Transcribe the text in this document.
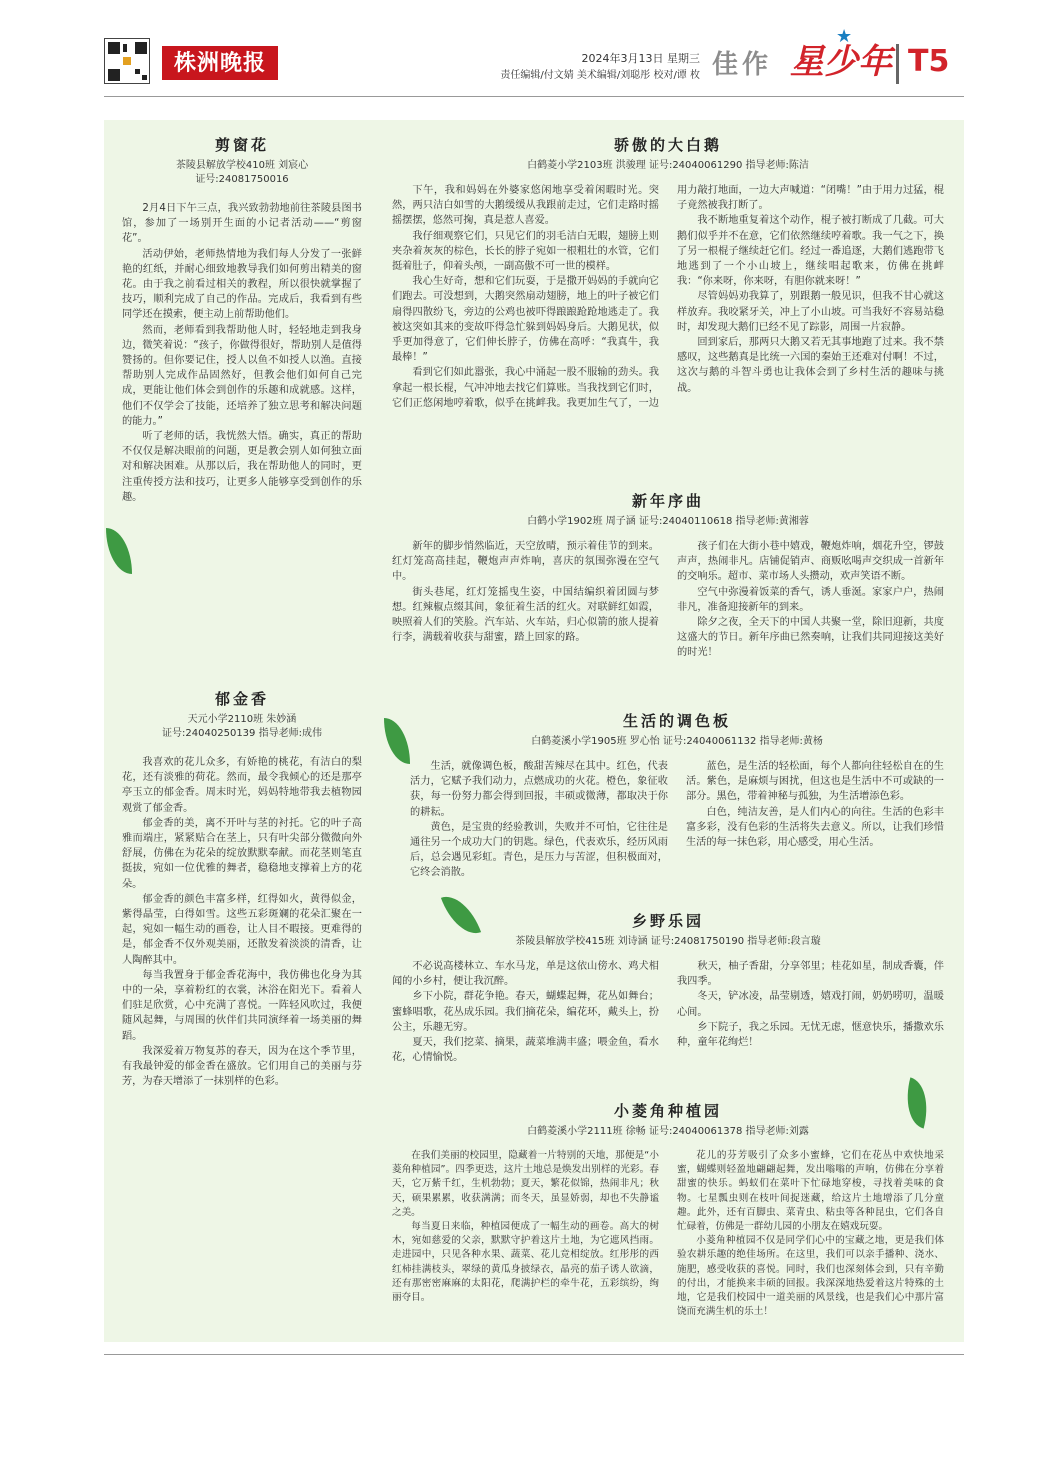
株洲晚报	2024年3月13日 星期三
责任编辑/付文婧 美术编辑/刘聪彤 校对/谭 枚 佳作
★
星少年 T5
剪窗花
茶陵县解放学校410班 刘宸心
证号:24081750016

2月4日下午三点，我兴致勃勃地前往茶陵县图书馆，参加了一场别开生面的小记者活动——“剪窗花”。

活动伊始，老师热情地为我们每人分发了一张鲜艳的红纸，并耐心细致地教导我们如何剪出精美的窗花。由于我之前看过相关的教程，所以很快就掌握了技巧，顺利完成了自己的作品。完成后，我看到有些同学还在摸索，便主动上前帮助他们。

然而，老师看到我帮助他人时，轻轻地走到我身边，微笑着说：“孩子，你做得很好，帮助别人是值得赞扬的。但你要记住，授人以鱼不如授人以渔。直接帮助别人完成作品固然好，但教会他们如何自己完成，更能让他们体会到创作的乐趣和成就感。这样，他们不仅学会了技能，还培养了独立思考和解决问题的能力。”

听了老师的话，我恍然大悟。确实，真正的帮助不仅仅是解决眼前的问题，更是教会别人如何独立面对和解决困难。从那以后，我在帮助他人的同时，更注重传授方法和技巧，让更多人能够享受到创作的乐趣。

郁金香
天元小学2110班 朱妙涵
证号:24040250139 指导老师:成伟

我喜欢的花儿众多，有娇艳的桃花，有洁白的梨花，还有淡雅的荷花。然而，最令我倾心的还是那亭亭玉立的郁金香。周末时光，妈妈特地带我去植物园观赏了郁金香。

郁金香的美，离不开叶与茎的衬托。它的叶子高雅而端庄，紧紧贴合在茎上，只有叶尖部分微微向外舒展，仿佛在为花朵的绽放默默奉献。而花茎则笔直挺拔，宛如一位优雅的舞者，稳稳地支撑着上方的花朵。

郁金香的颜色丰富多样，红得如火，黄得似金，紫得晶莹，白得如雪。这些五彩斑斓的花朵汇聚在一起，宛如一幅生动的画卷，让人目不暇接。更难得的是，郁金香不仅外观美丽，还散发着淡淡的清香，让人陶醉其中。

每当我置身于郁金香花海中，我仿佛也化身为其中的一朵，享着粉红的衣裳，沐浴在阳光下。看着人们驻足欣赏，心中充满了喜悦。一阵轻风吹过，我便随风起舞，与周围的伙伴们共同演绎着一场美丽的舞蹈。

我深爱着万物复苏的春天，因为在这个季节里，有我最钟爱的郁金香在盛放。它们用自己的美丽与芬芳，为春天增添了一抹别样的色彩。

骄傲的大白鹅
白鹤菱小学2103班 洪骏理 证号:24040061290 指导老师:陈洁

下午，我和妈妈在外婆家悠闲地享受着闲暇时光。突然，两只洁白如雪的大鹅缓缓从我跟前走过，它们走路时摇摇摆摆，悠然可掬，真是惹人喜爱。

我仔细观察它们，只见它们的羽毛洁白无暇，翅膀上则夹杂着灰灰的棕色，长长的脖子宛如一根粗壮的水管，它们挺着肚子，仰着头颅，一副高傲不可一世的模样。

我心生好奇，想和它们玩耍，于是撒开妈妈的手就向它们跑去。可没想到，大鹅突然扇动翅膀，地上的叶子被它们扇得四散纷飞，旁边的公鸡也被吓得踉踉跄跄地逃走了。我被这突如其来的变故吓得急忙躲到妈妈身后。大鹅见状，似乎更加得意了，它们伸长脖子，仿佛在高呼：“我真牛，我最棒！”

看到它们如此嚣张，我心中涌起一股不服输的劲头。我拿起一根长棍，气冲冲地去找它们算账。当我找到它们时，它们正悠闲地哼着歌，似乎在挑衅我。我更加生气了，一边用力敲打地面，一边大声喊道：“闭嘴！”由于用力过猛，棍子竟然被我打断了。

我不断地重复着这个动作，棍子被打断成了几截。可大鹅们似乎并不在意，它们依然继续哼着歌。我一气之下，换了另一根棍子继续赶它们。经过一番追逐，大鹅们逃跑带飞地逃到了一个小山坡上，继续唱起歌来，仿佛在挑衅我：“你来呀，你来呀，有胆你就来呀！”

尽管妈妈劝我算了，别跟鹅一般见识，但我不甘心就这样放弃。我咬紧牙关，冲上了小山坡。可当我好不容易站稳时，却发现大鹅们已经不见了踪影，周围一片寂静。

回到家后，那两只大鹅又若无其事地跑了过来。我不禁感叹，这些鹅真是比统一六国的秦始王还难对付啊！不过，这次与鹅的斗智斗勇也让我体会到了乡村生活的趣味与挑战。

新年序曲
白鹤小学1902班 周子涵 证号:24040110618 指导老师:黄湘蓉

新年的脚步悄然临近，天空放晴，预示着佳节的到来。红灯笼高高挂起，鞭炮声声炸响，喜庆的氛围弥漫在空气中。

街头巷尾，红灯笼摇曳生姿，中国结编织着团圆与梦想。红辣椒点缀其间，象征着生活的红火。对联鲜红如霞，映照着人们的笑脸。汽车站、火车站，归心似箭的旅人提着行李，满载着收获与甜蜜，踏上回家的路。

孩子们在大街小巷中嬉戏，鞭炮炸响，烟花升空，锣鼓声声，热闹非凡。店铺促销声、商贩吆喝声交织成一首新年的交响乐。超市、菜市场人头攒动，欢声笑语不断。

空气中弥漫着饭菜的香气，诱人垂涎。家家户户，热闹非凡，准备迎接新年的到来。

除夕之夜，全天下的中国人共聚一堂，除旧迎新，共度这盛大的节日。新年序曲已然奏响，让我们共同迎接这美好的时光！

生活的调色板
白鹤菱溪小学1905班 罗心怡 证号:24040061132 指导老师:黄杨

生活，就像调色板，酸甜苦辣尽在其中。红色，代表活力，它赋予我们动力，点燃成功的火花。橙色，象征收获，每一份努力都会得到回报，丰硕或微薄，都取决于你的耕耘。

黄色，是宝贵的经验教训，失败并不可怕，它往往是通往另一个成功大门的钥匙。绿色，代表欢乐，经历风雨后，总会遇见彩虹。青色，是压力与苦涩，但积极面对，它终会消散。

蓝色，是生活的轻松面，每个人都向往轻松自在的生活。紫色，是麻烦与困扰，但这也是生活中不可或缺的一部分。黑色，带着神秘与孤独，为生活增添色彩。

白色，纯洁友善，是人们内心的向往。生活的色彩丰富多彩，没有色彩的生活将失去意义。所以，让我们珍惜生活的每一抹色彩，用心感受，用心生活。

乡野乐园
茶陵县解放学校415班 刘诗涵 证号:24081750190 指导老师:段言璇

不必说高楼林立、车水马龙，单是这依山傍水、鸡犬相闻的小乡村，便让我沉醉。

乡下小院，群花争艳。春天，蝴蝶起舞，花丛如舞台；蜜蜂唱歌，花丛成乐园。我们摘花朵，编花环，戴头上，扮公主，乐趣无穷。

夏天，我们挖菜、摘果，蔬菜堆满丰盛；喂金鱼，看水花，心情愉悦。

秋天，柚子香甜，分享邻里；桂花如星，制成香囊，伴我四季。

冬天，铲冰凌，晶莹剔透，嬉戏打闹，奶奶唠叨，温暖心间。

乡下院子，我之乐园。无忧无虑，惬意快乐，播撒欢乐种，童年花绚烂！

小菱角种植园
白鹤菱溪小学2111班 徐畅 证号:24040061378 指导老师:刘露

在我们美丽的校园里，隐藏着一片特别的天地，那便是“小菱角种植园”。四季更迭，这片土地总是焕发出别样的光彩。春天，它万紫千红，生机勃勃；夏天，繁花似锦，热闹非凡；秋天，硕果累累，收获满满；而冬天，虽显娇弱，却也不失静谧之美。

每当夏日来临，种植园便成了一幅生动的画卷。高大的树木，宛如慈爱的父亲，默默守护着这片土地，为它遮风挡雨。走进园中，只见各种水果、蔬菜、花儿竞相绽放。红彤彤的西红柿挂满枝头，翠绿的黄瓜身披绿衣，晶亮的茄子诱人欲滴，还有那密密麻麻的太阳花，爬满护栏的牵牛花，五彩缤纷，绚丽夺目。

花儿的芬芳吸引了众多小蜜蜂，它们在花丛中欢快地采蜜，蝴蝶则轻盈地翩翩起舞，发出嗡嗡的声响，仿佛在分享着甜蜜的快乐。蚂蚁们在菜叶下忙碌地穿梭，寻找着美味的食物。七星瓢虫则在枝叶间捉迷藏，给这片土地增添了几分童趣。此外，还有百脚虫、菜青虫、粘虫等各种昆虫，它们各自忙碌着，仿佛是一群幼儿园的小朋友在嬉戏玩耍。

小菱角种植园不仅是同学们心中的宝藏之地，更是我们体验农耕乐趣的绝佳场所。在这里，我们可以亲手播种、浇水、施肥，感受收获的喜悦。同时，我们也深刻体会到，只有辛勤的付出，才能换来丰硕的回报。我深深地热爱着这片特殊的土地，它是我们校园中一道美丽的风景线，也是我们心中那片富饶而充满生机的乐土！
